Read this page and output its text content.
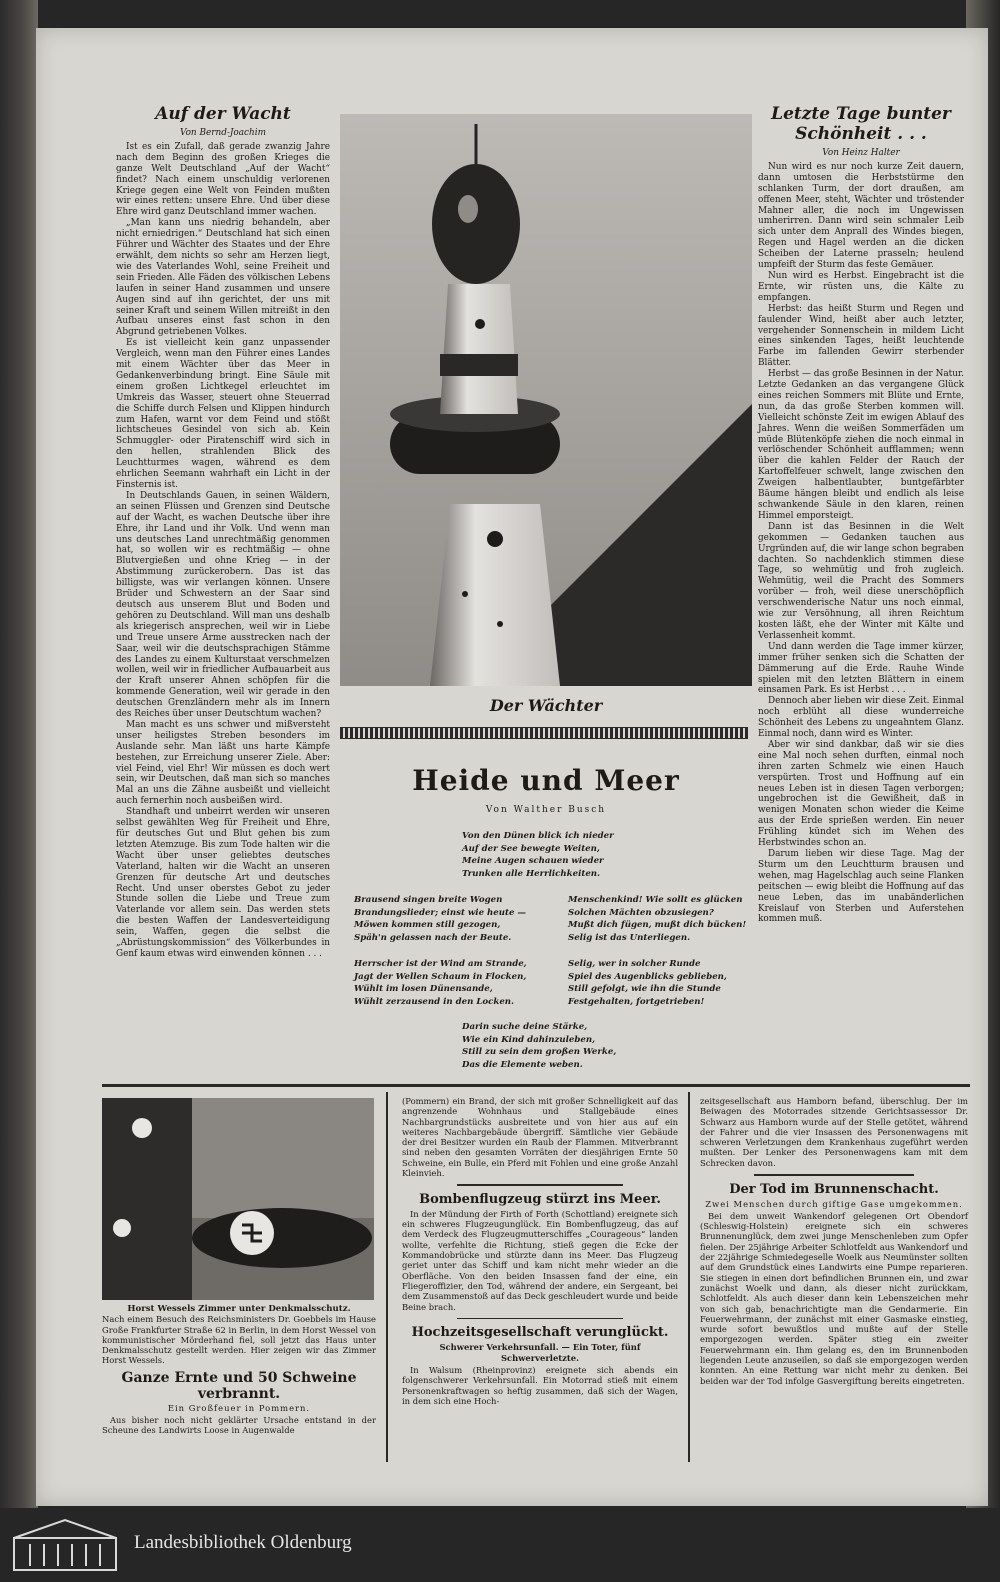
Auf der Wacht
Von Bernd-Joachim

Ist es ein Zufall, daß gerade zwanzig Jahre nach dem Beginn des großen Krieges die ganze Welt Deutschland „Auf der Wacht“ findet? Nach einem unschuldig verlorenen Kriege gegen eine Welt von Feinden mußten wir eines retten: unsere Ehre. Und über diese Ehre wird ganz Deutschland immer wachen.

„Man kann uns niedrig behandeln, aber nicht erniedrigen.“ Deutschland hat sich einen Führer und Wächter des Staates und der Ehre erwählt, dem nichts so sehr am Herzen liegt, wie des Vaterlandes Wohl, seine Freiheit und sein Frieden. Alle Fäden des völkischen Lebens laufen in seiner Hand zusammen und unsere Augen sind auf ihn gerichtet, der uns mit seiner Kraft und seinem Willen mitreißt in den Aufbau unseres einst fast schon in den Abgrund getriebenen Volkes.

Es ist vielleicht kein ganz unpassender Vergleich, wenn man den Führer eines Landes mit einem Wächter über das Meer in Gedankenverbindung bringt. Eine Säule mit einem großen Lichtkegel erleuchtet im Umkreis das Wasser, steuert ohne Steuerrad die Schiffe durch Felsen und Klippen hindurch zum Hafen, warnt vor dem Feind und stößt lichtscheues Gesindel von sich ab. Kein Schmuggler- oder Piratenschiff wird sich in den hellen, strahlenden Blick des Leuchtturmes wagen, während es dem ehrlichen Seemann wahrhaft ein Licht in der Finsternis ist.

In Deutschlands Gauen, in seinen Wäldern, an seinen Flüssen und Grenzen sind Deutsche auf der Wacht, es wachen Deutsche über ihre Ehre, ihr Land und ihr Volk. Und wenn man uns deutsches Land unrechtmäßig genommen hat, so wollen wir es rechtmäßig — ohne Blutvergießen und ohne Krieg — in der Abstimmung zurückerobern. Das ist das billigste, was wir verlangen können. Unsere Brüder und Schwestern an der Saar sind deutsch aus unserem Blut und Boden und gehören zu Deutschland. Will man uns deshalb als kriegerisch ansprechen, weil wir in Liebe und Treue unsere Arme ausstrecken nach der Saar, weil wir die deutschsprachigen Stämme des Landes zu einem Kulturstaat verschmelzen wollen, weil wir in friedlicher Aufbauarbeit aus der Kraft unserer Ahnen schöpfen für die kommende Generation, weil wir gerade in den deutschen Grenzländern mehr als im Innern des Reiches über unser Deutschtum wachen?

Man macht es uns schwer und mißversteht unser heiligstes Streben besonders im Auslande sehr. Man läßt uns harte Kämpfe bestehen, zur Erreichung unserer Ziele. Aber: viel Feind, viel Ehr! Wir müssen es doch wert sein, wir Deutschen, daß man sich so manches Mal an uns die Zähne ausbeißt und vielleicht auch fernerhin noch ausbeißen wird.

Standhaft und unbeirrt werden wir unseren selbst gewählten Weg für Freiheit und Ehre, für deutsches Gut und Blut gehen bis zum letzten Atemzuge. Bis zum Tode halten wir die Wacht über unser geliebtes deutsches Vaterland, halten wir die Wacht an unseren Grenzen für deutsche Art und deutsches Recht. Und unser oberstes Gebot zu jeder Stunde sollen die Liebe und Treue zum Vaterlande vor allem sein. Das werden stets die besten Waffen der Landesverteidigung sein, Waffen, gegen die selbst die „Abrüstungskommission“ des Völkerbundes in Genf kaum etwas wird einwenden können . . .

Der Wächter
Heide und Meer
Von Walther Busch
Von den Dünen blick ich nieder
Auf der See bewegte Weiten,
Meine Augen schauen wieder
Trunken alle Herrlichkeiten.
Brausend singen breite Wogen
Brandungslieder; einst wie heute —
Möwen kommen still gezogen,
Späh'n gelassen nach der Beute.
Menschenkind! Wie sollt es glücken
Solchen Mächten obzusiegen?
Mußt dich fügen, mußt dich bücken!
Selig ist das Unterliegen.
Herrscher ist der Wind am Strande,
Jagt der Wellen Schaum in Flocken,
Wühlt im losen Dünensande,
Wühlt zerzausend in den Locken.
Selig, wer in solcher Runde
Spiel des Augenblicks geblieben,
Still gefolgt, wie ihn die Stunde
Festgehalten, fortgetrieben!
Darin suche deine Stärke,
Wie ein Kind dahinzuleben,
Still zu sein dem großen Werke,
Das die Elemente weben.
Letzte Tage bunter
Schönheit . . .
Von Heinz Halter

Nun wird es nur noch kurze Zeit dauern, dann umtosen die Herbststürme den schlanken Turm, der dort draußen, am offenen Meer, steht, Wächter und tröstender Mahner aller, die noch im Ungewissen umherirren. Dann wird sein schmaler Leib sich unter dem Anprall des Windes biegen, Regen und Hagel werden an die dicken Scheiben der Laterne prasseln; heulend umpfeift der Sturm das feste Gemäuer.

Nun wird es Herbst. Eingebracht ist die Ernte, wir rüsten uns, die Kälte zu empfangen.

Herbst: das heißt Sturm und Regen und faulender Wind, heißt aber auch letzter, vergehender Sonnenschein in mildem Licht eines sinkenden Tages, heißt leuchtende Farbe im fallenden Gewirr sterbender Blätter.

Herbst — das große Besinnen in der Natur. Letzte Gedanken an das vergangene Glück eines reichen Sommers mit Blüte und Ernte, nun, da das große Sterben kommen will. Vielleicht schönste Zeit im ewigen Ablauf des Jahres. Wenn die weißen Sommerfäden um müde Blütenköpfe ziehen die noch einmal in verlöschender Schönheit aufflammen; wenn über die kahlen Felder der Rauch der Kartoffelfeuer schwelt, lange zwischen den Zweigen halbentlaubter, buntgefärbter Bäume hängen bleibt und endlich als leise schwankende Säule in den klaren, reinen Himmel emporsteigt.

Dann ist das Besinnen in die Welt gekommen — Gedanken tauchen aus Urgründen auf, die wir lange schon begraben dachten. So nachdenklich stimmen diese Tage, so wehmütig und froh zugleich. Wehmütig, weil die Pracht des Sommers vorüber — froh, weil diese unerschöpflich verschwenderische Natur uns noch einmal, wie zur Versöhnung, all ihren Reichtum kosten läßt, ehe der Winter mit Kälte und Verlassenheit kommt.

Und dann werden die Tage immer kürzer, immer früher senken sich die Schatten der Dämmerung auf die Erde. Rauhe Winde spielen mit den letzten Blättern in einem einsamen Park. Es ist Herbst . . .

Dennoch aber lieben wir diese Zeit. Einmal noch erblüht all diese wunderreiche Schönheit des Lebens zu ungeahntem Glanz. Einmal noch, dann wird es Winter.

Aber wir sind dankbar, daß wir sie dies eine Mal noch sehen durften, einmal noch ihren zarten Schmelz wie einen Hauch verspürten. Trost und Hoffnung auf ein neues Leben ist in diesen Tagen verborgen; ungebrochen ist die Gewißheit, daß in wenigen Monaten schon wieder die Keime aus der Erde sprießen werden. Ein neuer Frühling kündet sich im Wehen des Herbstwindes schon an.

Darum lieben wir diese Tage. Mag der Sturm um den Leuchtturm brausen und wehen, mag Hagelschlag auch seine Flanken peitschen — ewig bleibt die Hoffnung auf das neue Leben, das im unabänderlichen Kreislauf von Sterben und Auferstehen kommen muß.

Horst Wessels Zimmer unter Denkmalsschutz.

Nach einem Besuch des Reichsministers Dr. Goebbels im Hause Große Frankfurter Straße 62 in Berlin, in dem Horst Wessel von kommunistischer Mörderhand fiel, soll jetzt das Haus unter Denkmalsschutz gestellt werden. Hier zeigen wir das Zimmer Horst Wessels.

Ganze Ernte und 50 Schweine verbrannt.
Ein Großfeuer in Pommern.

Aus bisher noch nicht geklärter Ursache entstand in der Scheune des Landwirts Loose in Augenwalde

(Pommern) ein Brand, der sich mit großer Schnelligkeit auf das angrenzende Wohnhaus und Stallgebäude eines Nachbargrundstücks ausbreitete und von hier aus auf ein weiteres Nachbargebäude übergriff. Sämtliche vier Gebäude der drei Besitzer wurden ein Raub der Flammen. Mitverbrannt sind neben den gesamten Vorräten der diesjährigen Ernte 50 Schweine, ein Bulle, ein Pferd mit Fohlen und eine große Anzahl Kleinvieh.

Bombenflugzeug stürzt ins Meer.

In der Mündung der Firth of Forth (Schottland) ereignete sich ein schweres Flugzeugunglück. Ein Bombenflugzeug, das auf dem Verdeck des Flugzeugmutterschiffes „Courageous“ landen wollte, verfehlte die Richtung, stieß gegen die Ecke der Kommandobrücke und stürzte dann ins Meer. Das Flugzeug geriet unter das Schiff und kam nicht mehr wieder an die Oberfläche. Von den beiden Insassen fand der eine, ein Fliegeroffizier, den Tod, während der andere, ein Sergeant, bei dem Zusammenstoß auf das Deck geschleudert wurde und beide Beine brach.

Hochzeitsgesellschaft verunglückt.
Schwerer Verkehrsunfall. — Ein Toter, fünf Schwerverletzte.

In Walsum (Rheinprovinz) ereignete sich abends ein folgenschwerer Verkehrsunfall. Ein Motorrad stieß mit einem Personenkraftwagen so heftig zusammen, daß sich der Wagen, in dem sich eine Hoch-

zeitsgesellschaft aus Hamborn befand, überschlug. Der im Beiwagen des Motorrades sitzende Gerichtsassessor Dr. Schwarz aus Hamborn wurde auf der Stelle getötet, während der Fahrer und die vier Insassen des Personenwagens mit schweren Verletzungen dem Krankenhaus zugeführt werden mußten. Der Lenker des Personenwagens kam mit dem Schrecken davon.

Der Tod im Brunnenschacht.
Zwei Menschen durch giftige Gase umgekommen.

Bei dem unweit Wankendorf gelegenen Ort Obendorf (Schleswig-Holstein) ereignete sich ein schweres Brunnenunglück, dem zwei junge Menschenleben zum Opfer fielen. Der 25jährige Arbeiter Schlotfeldt aus Wankendorf und der 22jährige Schmiedegeselle Woelk aus Neumünster sollten auf dem Grundstück eines Landwirts eine Pumpe reparieren. Sie stiegen in einen dort befindlichen Brunnen ein, und zwar zunächst Woelk und dann, als dieser nicht zurückkam, Schlotfeldt. Als auch dieser dann kein Lebenszeichen mehr von sich gab, benachrichtigte man die Gendarmerie. Ein Feuerwehrmann, der zunächst mit einer Gasmaske einstieg, wurde sofort bewußtlos und mußte auf der Stelle emporgezogen werden. Später stieg ein zweiter Feuerwehrmann ein. Ihm gelang es, den im Brunnenboden liegenden Leute anzuseilen, so daß sie emporgezogen werden konnten. An eine Rettung war nicht mehr zu denken. Bei beiden war der Tod infolge Gasvergiftung bereits eingetreten.

Landesbibliothek Oldenburg
